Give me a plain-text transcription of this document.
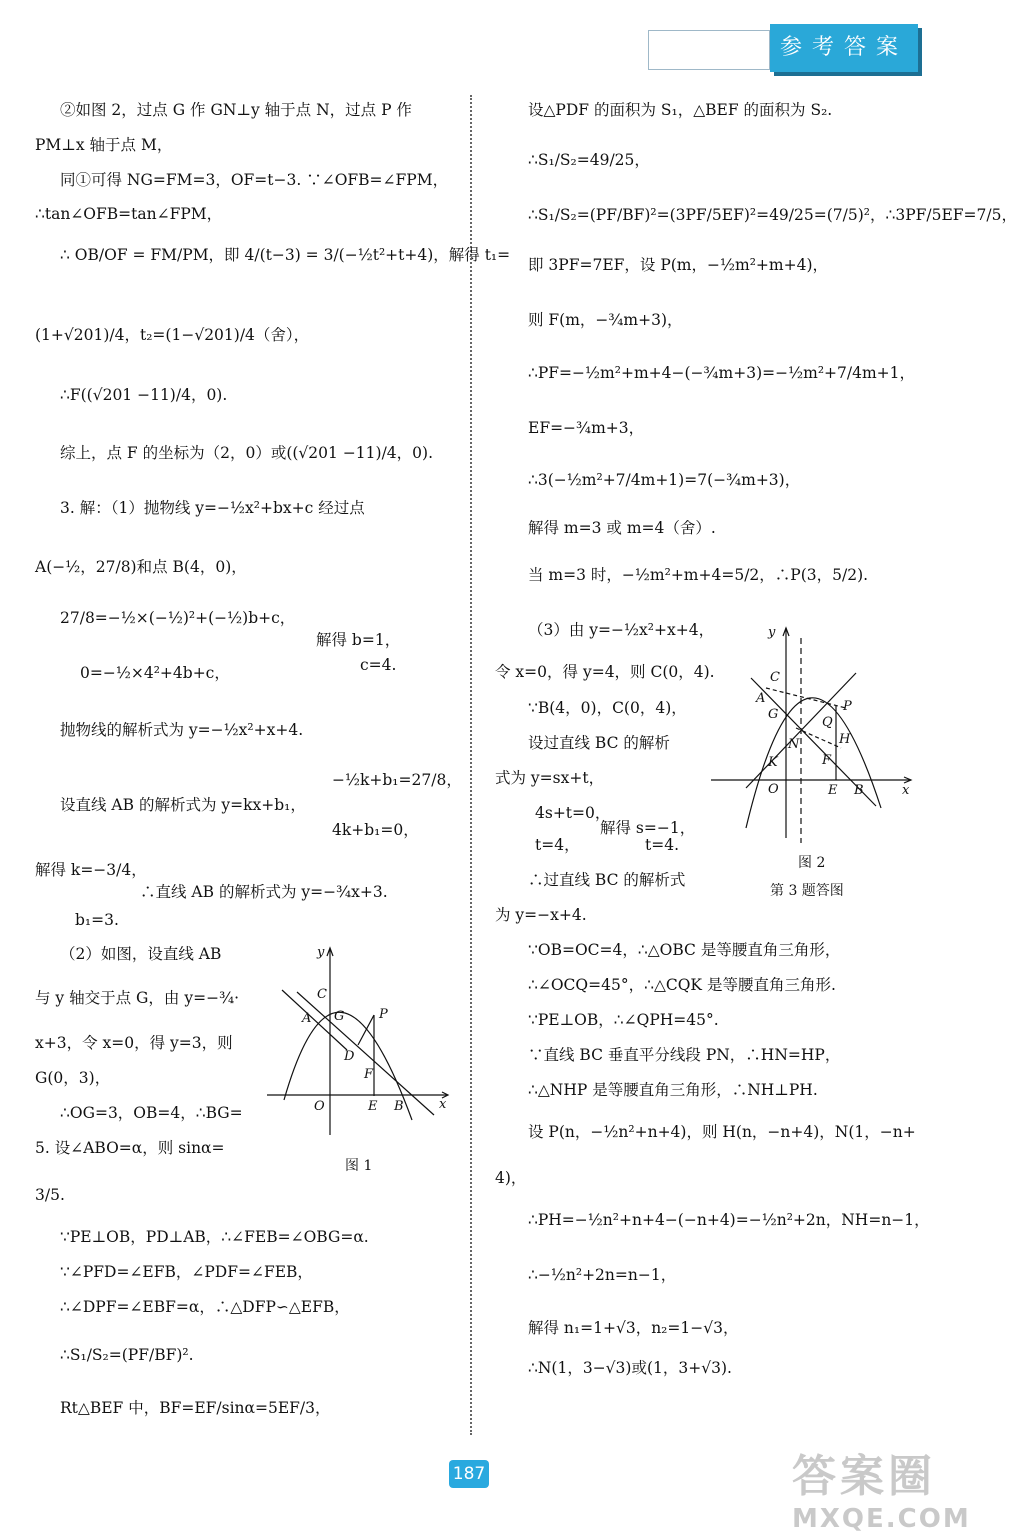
参考答案
②如图 2，过点 G 作 GN⊥y 轴于点 N，过点 P 作
PM⊥x 轴于点 M，
同①可得 NG=FM=3，OF=t−3. ∵∠OFB=∠FPM，
∴tan∠OFB=tan∠FPM，
∴ OB/OF = FM/PM，即 4/(t−3) = 3/(−½t²+t+4)，解得 t₁=
(1+√201)/4，t₂=(1−√201)/4（舍），
∴F((√201 −11)/4，0).
综上，点 F 的坐标为（2，0）或((√201 −11)/4，0).
3. 解：（1）抛物线 y=−½x²+bx+c 经过点
A(−½，27/8)和点 B(4，0)，
27/8=−½×(−½)²+(−½)b+c，
解得 b=1，
0=−½×4²+4b+c，	c=4.
抛物线的解析式为 y=−½x²+x+4.
设直线 AB 的解析式为 y=kx+b₁，
−½k+b₁=27/8，
4k+b₁=0，
解得 k=−3/4，
∴直线 AB 的解析式为 y=−¾x+3.
b₁=3.
（2）如图，设直线 AB
与 y 轴交于点 G，由 y=−¾·
x+3，令 x=0，得 y=3，则
G(0，3)，
∴OG=3，OB=4，∴BG=
5. 设∠ABO=α，则 sinα=
3/5.
∵PE⊥OB，PD⊥AB，∴∠FEB=∠OBG=α.
∵∠PFD=∠EFB，∠PDF=∠FEB，
∴∠DPF=∠EBF=α，∴△DFP∽△EFB，
∴S₁/S₂=(PF/BF)².
Rt△BEF 中，BF=EF/sinα=5EF/3，
y
x
O
A
C
G	P
D
F
E B
图 1
设△PDF 的面积为 S₁，△BEF 的面积为 S₂.
∴S₁/S₂=49/25，
∴S₁/S₂=(PF/BF)²=(3PF/5EF)²=49/25=(7/5)²，∴3PF/5EF=7/5，
即 3PF=7EF，设 P(m，−½m²+m+4)，
则 F(m，−¾m+3)，
∴PF=−½m²+m+4−(−¾m+3)=−½m²+7/4m+1，
EF=−¾m+3，
∴3(−½m²+7/4m+1)=7(−¾m+3)，
解得 m=3 或 m=4（舍）.
当 m=3 时，−½m²+m+4=5/2，∴P(3，5/2).
（3）由 y=−½x²+x+4，
令 x=0，得 y=4，则 C(0，4).
∵B(4，0)，C(0，4)，
设过直线 BC 的解析
式为 y=sx+t，
4s+t=0，
解得 s=−1，
t=4，	t=4.
∴过直线 BC 的解析式
为 y=−x+4.
∵OB=OC=4，∴△OBC 是等腰直角三角形，
∴∠OCQ=45°，∴△CQK 是等腰直角三角形.
∵PE⊥OB，∴∠QPH=45°.
∵直线 BC 垂直平分线段 PN，∴HN=HP，
∴△NHP 是等腰直角三角形，∴NH⊥PH.
设 P(n，−½n²+n+4)，则 H(n，−n+4)，N(1，−n+
4)，
∴PH=−½n²+n+4−(−n+4)=−½n²+2n，NH=n−1，
∴−½n²+2n=n−1，
解得 n₁=1+√3，n₂=1−√3，
∴N(1，3−√3)或(1，3+√3).
y
x
O
A
C
G
P
Q
N	H
K	F
E B
图 2
第 3 题答图
187	答案圈
MXQE.COM
